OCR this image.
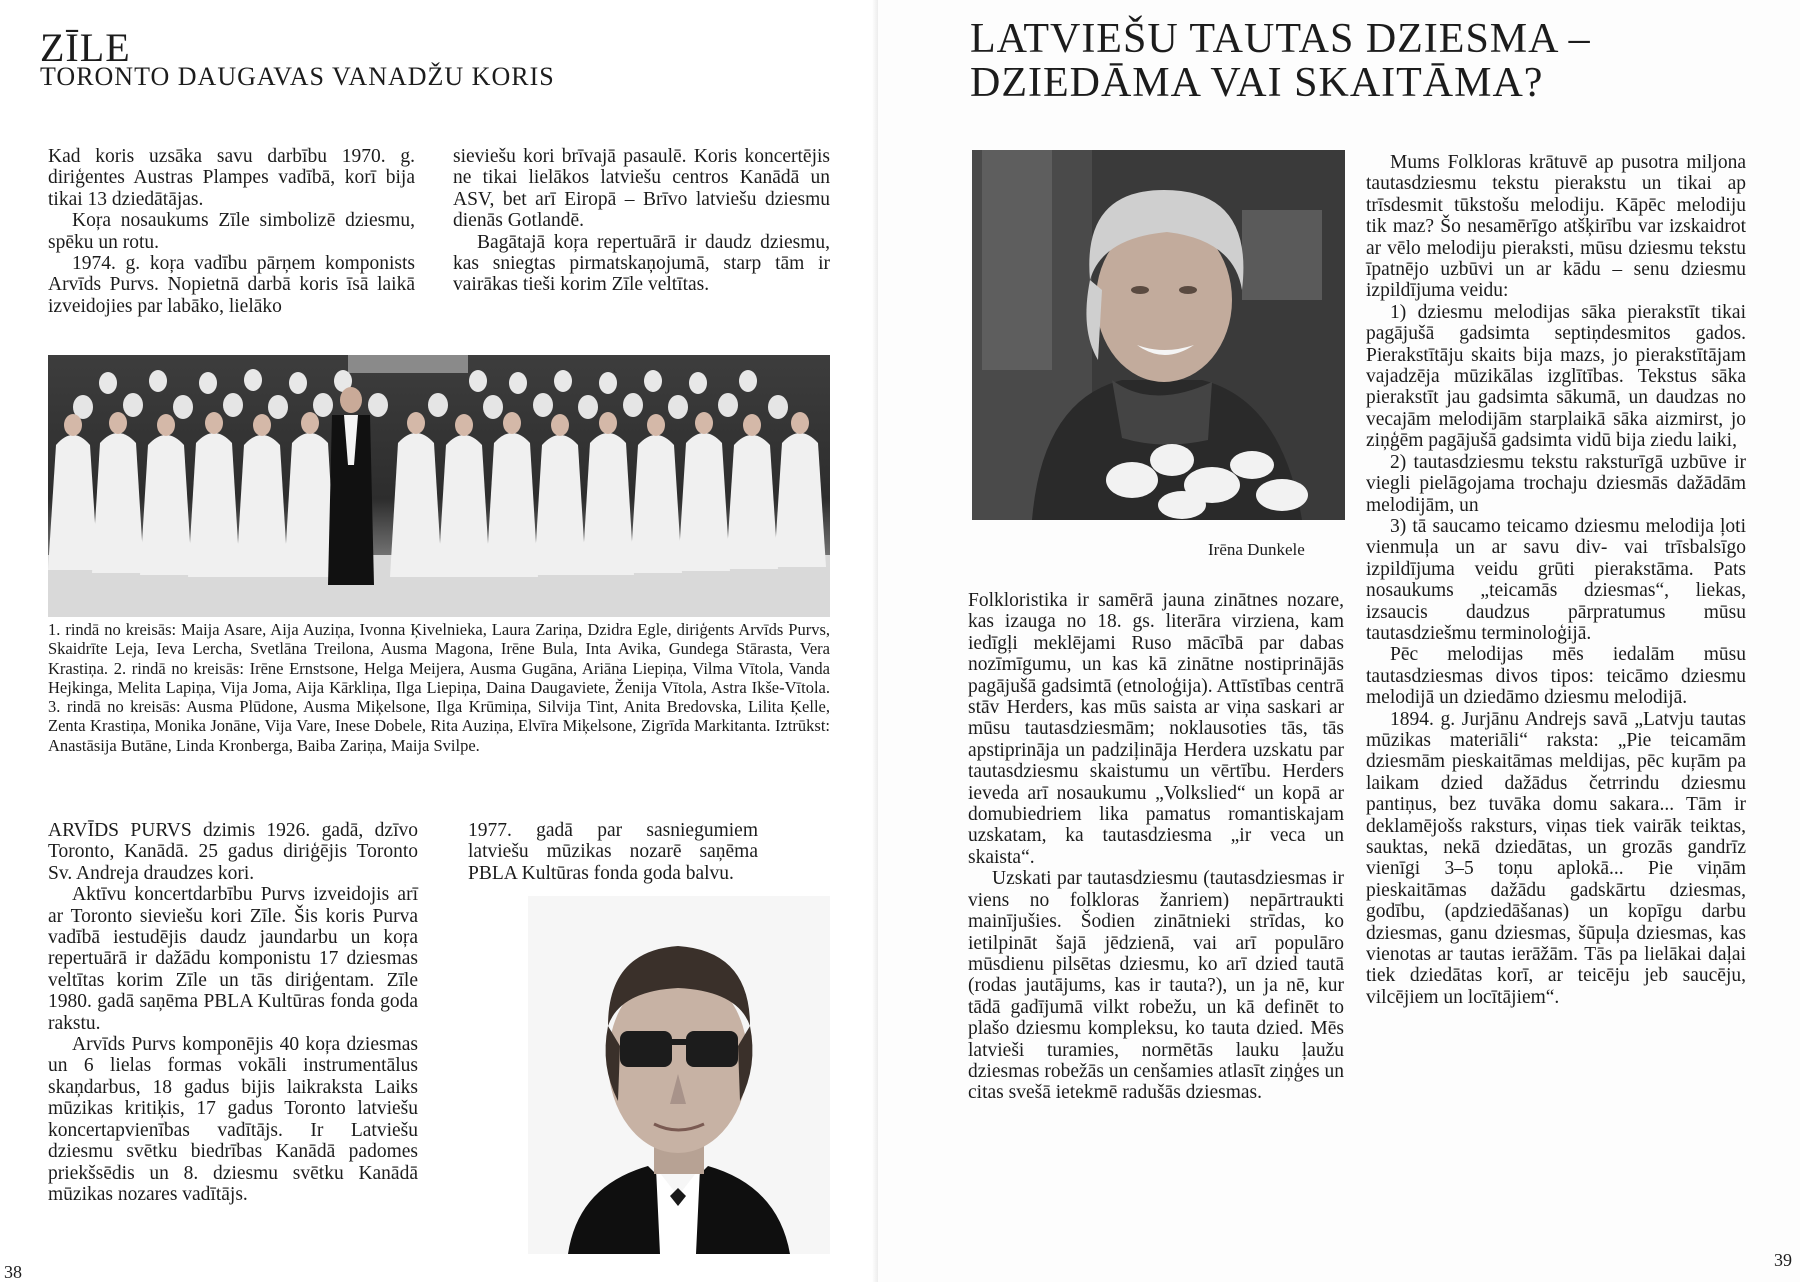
ZĪLE
TORONTO DAUGAVAS VANADŽU KORIS

Kad koris uzsāka savu darbību 1970. g. diriģentes Austras Plampes vadībā, korī bija tikai 13 dziedātājas.

Koŗa nosaukums Zīle simbolizē dziesmu, spēku un rotu.

1974. g. koŗa vadību pārņem komponists Arvīds Purvs. Nopietnā darbā koris īsā laikā izveidojies par labāko, lielāko

sieviešu kori brīvajā pasaulē. Koris koncertējis ne tikai lielākos latviešu centros Kanādā un ASV, bet arī Eiropā – Brīvo latviešu dziesmu dienās Gotlandē.

Bagātajā koŗa repertuārā ir daudz dziesmu, kas sniegtas pirmatskaņojumā, starp tām ir vairākas tieši korim Zīle veltītas.

1. rindā no kreisās: Maija Asare, Aija Auziņa, Ivonna Ķivelnieka, Laura Zariņa, Dzidra Egle, diriģents Arvīds Purvs, Skaidrīte Leja, Ieva Lercha, Svetlāna Treilona, Ausma Magona, Irēne Bula, Inta Avika, Gundega Stārasta, Vera Krastiņa. 2. rindā no kreisās: Irēne Ernstsone, Helga Meijera, Ausma Gugāna, Ariāna Liepiņa, Vilma Vītola, Vanda Hejkinga, Melita Lapiņa, Vija Joma, Aija Kārkliņa, Ilga Liepiņa, Daina Daugaviete, Ženija Vītola, Astra Ikše-Vītola. 3. rindā no kreisās: Ausma Plūdone, Ausma Miķelsone, Ilga Krūmiņa, Silvija Tint, Anita Bredovska, Lilita Ķelle, Zenta Krastiņa, Monika Jonāne, Vija Vare, Inese Dobele, Rita Auziņa, Elvīra Miķelsone, Zigrīda Markitanta. Iztrūkst: Anastāsija Butāne, Linda Kronberga, Baiba Zariņa, Maija Svilpe.

ARVĪDS PURVS dzimis 1926. gadā, dzīvo Toronto, Kanādā. 25 gadus diriģējis Toronto Sv. Andreja draudzes kori.

Aktīvu koncertdarbību Purvs izveidojis arī ar Toronto sieviešu kori Zīle. Šis koris Purva vadībā iestudējis daudz jaundarbu un koŗa repertuārā ir dažādu komponistu 17 dziesmas veltītas korim Zīle un tās diriģentam. Zīle 1980. gadā saņēma PBLA Kultūras fonda goda rakstu.

Arvīds Purvs komponējis 40 koŗa dziesmas un 6 lielas formas vokāli instrumentālus skaņdarbus, 18 gadus bijis laikraksta Laiks mūzikas kritiķis, 17 gadus Toronto latviešu koncertapvienības vadītājs. Ir Latviešu dziesmu svētku biedrības Kanādā padomes priekšsēdis un 8. dziesmu svētku Kanādā mūzikas nozares vadītājs.

1977. gadā par sasniegumiem latviešu mūzikas nozarē saņēma PBLA Kultūras fonda goda balvu.

38
LATVIEŠU TAUTAS DZIESMA –
DZIEDĀMA VAI SKAITĀMA?
Irēna Dunkele

Folkloristika ir samērā jauna zinātnes nozare, kas izauga no 18. gs. literāra virziena, kam iedīgļi meklējami Ruso mācībā par dabas nozīmīgumu, un kas kā zinātne nostiprinājās pagājušā gadsimtā (etnoloģija). Attīstības centrā stāv Herders, kas mūs saista ar viņa saskari ar mūsu tautasdziesmām; noklausoties tās, tās apstiprināja un padziļināja Herdera uzskatu par tautasdziesmu skaistumu un vērtību. Herders ieveda arī nosaukumu „Volkslied“ un kopā ar domubiedriem lika pamatus romantiskajam uzskatam, ka tautasdziesma „ir veca un skaista“.

Uzskati par tautasdziesmu (tautasdziesmas ir viens no folkloras žanriem) nepārtraukti mainījušies. Šodien zinātnieki strīdas, ko ietilpināt šajā jēdzienā, vai arī populāro mūsdienu pilsētas dziesmu, ko arī dzied tautā (rodas jautājums, kas ir tauta?), un ja nē, kur tādā gadījumā vilkt robežu, un kā definēt to plašo dziesmu kompleksu, ko tauta dzied. Mēs latvieši turamies, normētās lauku ļaužu dziesmas robežās un cenšamies atlasīt ziņģes un citas svešā ietekmē radušās dziesmas.

Mums Folkloras krātuvē ap pusotra miljona tautasdziesmu tekstu pierakstu un tikai ap trīsdesmit tūkstošu melodiju. Kāpēc melodiju tik maz? Šo nesamērīgo atšķirību var izskaidrot ar vēlo melodiju pieraksti, mūsu dziesmu tekstu īpatnējo uzbūvi un ar kādu – senu dziesmu izpildījuma veidu:

1) dziesmu melodijas sāka pierakstīt tikai pagājušā gadsimta septiņdesmitos gados. Pierakstītāju skaits bija mazs, jo pierakstītājam vajadzēja mūzikālas izglītības. Tekstus sāka pierakstīt jau gadsimta sākumā, un daudzas no vecajām melodijām starplaikā sāka aizmirst, jo ziņģēm pagājušā gadsimta vidū bija ziedu laiki,

2) tautasdziesmu tekstu raksturīgā uzbūve ir viegli pielāgojama trochaju dziesmās dažādām melodijām, un

3) tā saucamo teicamo dziesmu melodija ļoti vienmuļa un ar savu div- vai trīsbalsīgo izpildījuma veidu grūti pierakstāma. Pats nosaukums „teicamās dziesmas“, liekas, izsaucis daudzus pārpratumus mūsu tautasdziešmu terminoloģijā.

Pēc melodijas mēs iedalām mūsu tautasdziesmas divos tipos: teicāmo dziesmu melodijā un dziedāmo dziesmu melodijā.

1894. g. Jurjānu Andrejs savā „Latvju tautas mūzikas materiāli“ raksta: „Pie teicamām dziesmām pieskaitāmas meldijas, pēc kuŗām pa laikam dzied dažādus četrrindu dziesmu pantiņus, bez tuvāka domu sakara... Tām ir deklamējošs raksturs, viņas tiek vairāk teiktas, sauktas, nekā dziedātas, un grozās gandrīz vienīgi 3–5 toņu aplokā... Pie viņām pieskaitāmas dažādu gadskārtu dziesmas, godību, (apdziedāšanas) un kopīgu darbu dziesmas, ganu dziesmas, šūpuļa dziesmas, kas vienotas ar tautas ierāžām. Tās pa lielākai daļai tiek dziedātas korī, ar teicēju jeb saucēju, vilcējiem un locītājiem“.

39
